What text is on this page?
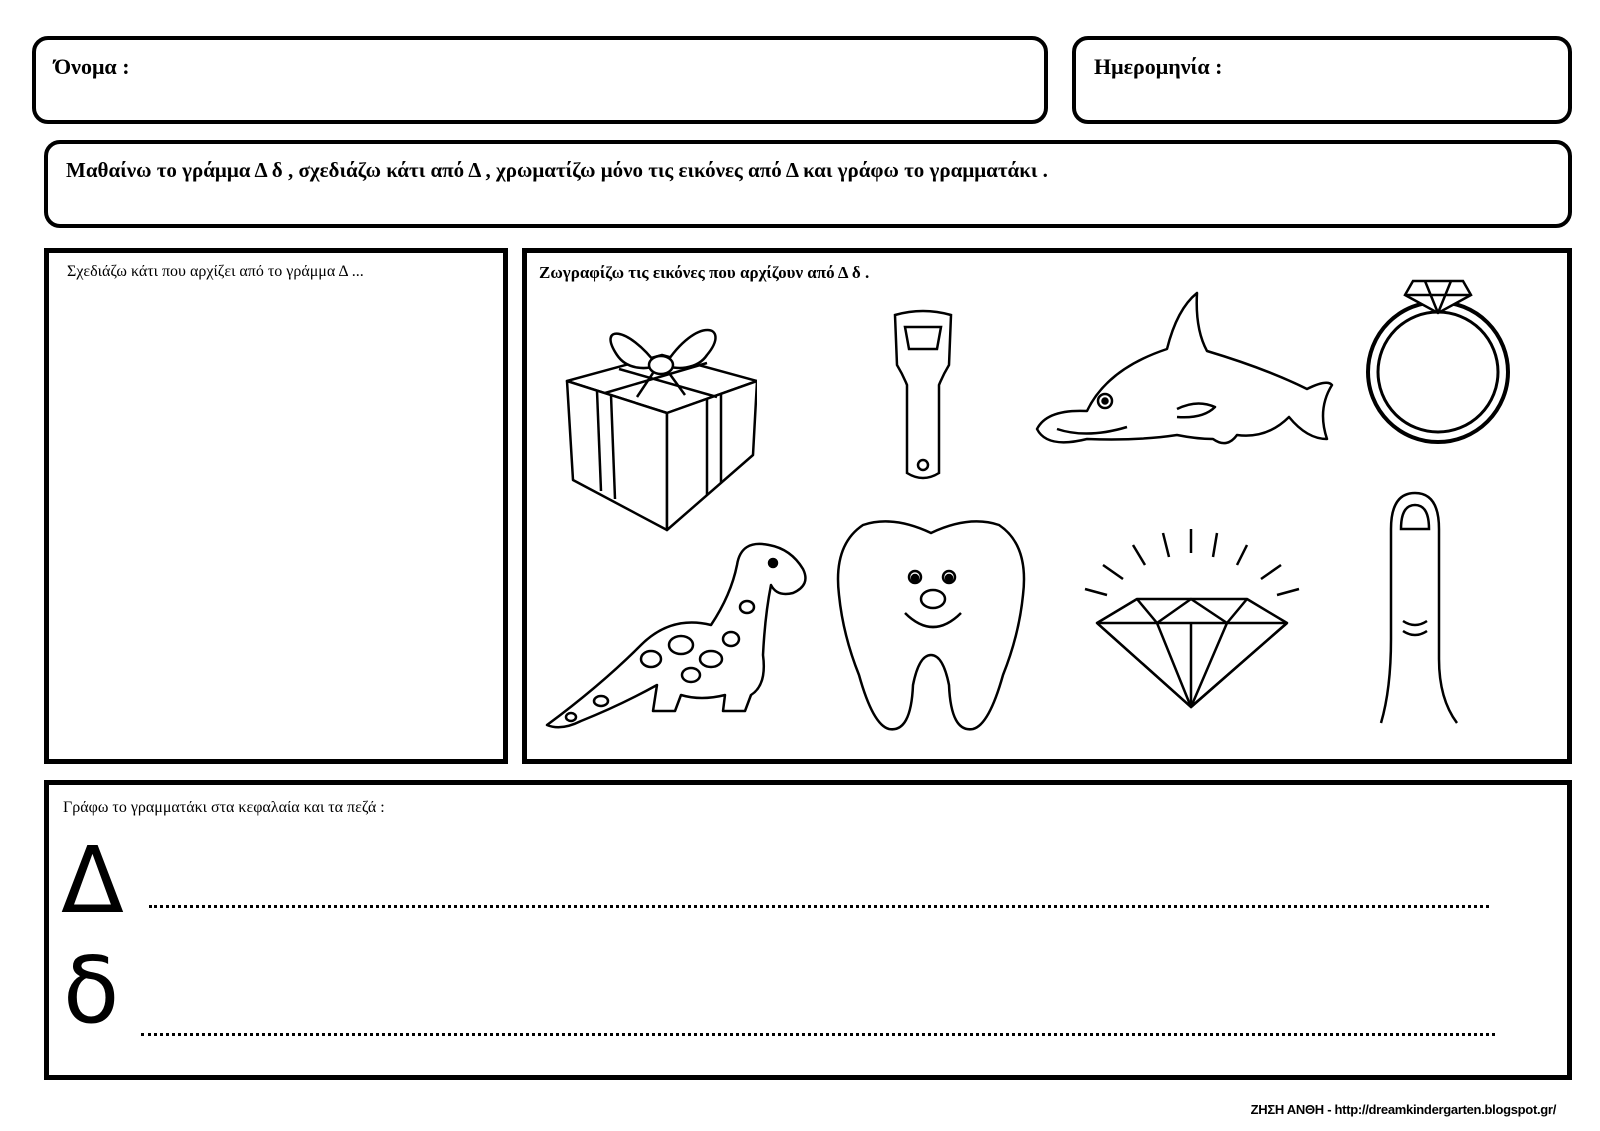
Όνομα :	Ημερομηνία :
Μαθαίνω το γράμμα Δ δ , σχεδιάζω κάτι από Δ , χρωματίζω μόνο τις εικόνες από Δ και γράφω το γραμματάκι .
Σχεδιάζω κάτι που αρχίζει από το γράμμα Δ ...	Ζωγραφίζω τις εικόνες που αρχίζουν από Δ δ .
Γράφω το γραμματάκι στα κεφαλαία και τα πεζά :
Δ
δ
ΖΗΣΗ ΑΝΘΗ - http://dreamkindergarten.blogspot.gr/
